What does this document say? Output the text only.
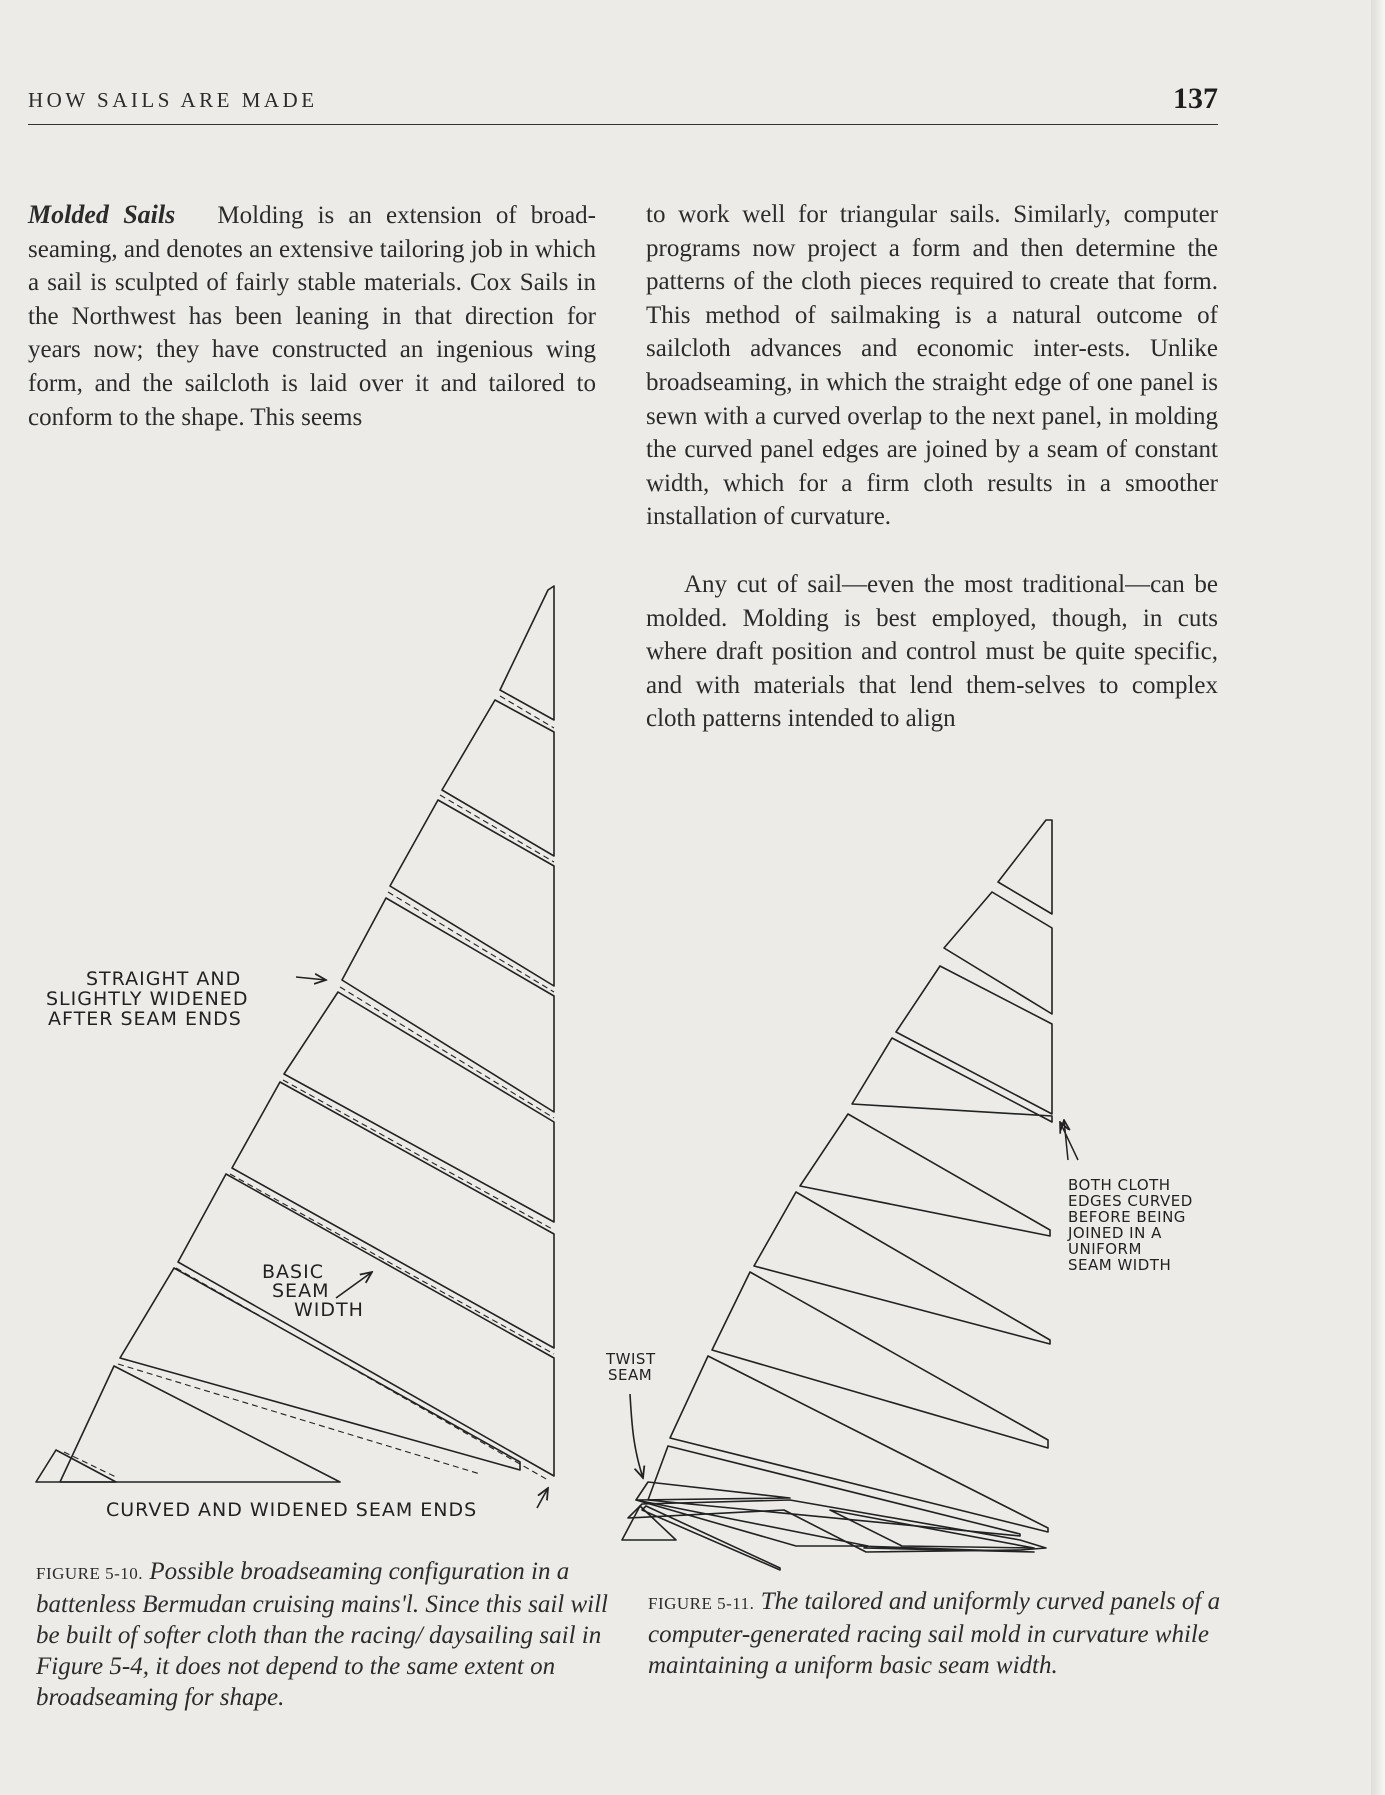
HOW SAILS ARE MADE	137

Molded Sails Molding is an extension of broad-seaming, and denotes an extensive tailoring job in which a sail is sculpted of fairly stable materials. Cox Sails in the Northwest has been leaning in that direction for years now; they have constructed an ingenious wing form, and the sailcloth is laid over it and tailored to conform to the shape. This seems

to work well for triangular sails. Similarly, computer programs now project a form and then determine the patterns of the cloth pieces required to create that form. This method of sailmaking is a natural outcome of sailcloth advances and economic inter-ests. Unlike broadseaming, in which the straight edge of one panel is sewn with a curved overlap to the next panel, in molding the curved panel edges are joined by a seam of constant width, which for a firm cloth results in a smoother installation of curvature.

Any cut of sail—even the most traditional—can be molded. Molding is best employed, though, in cuts where draft position and control must be quite specific, and with materials that lend them-selves to complex cloth patterns intended to align

STRAIGHT AND
SLIGHTLY WIDENED
AFTER SEAM ENDS
BASIC
SEAM
WIDTH
CURVED AND WIDENED SEAM ENDS
BOTH CLOTH
EDGES CURVED
BEFORE BEING
JOINED IN A
UNIFORM
SEAM WIDTH
TWIST
SEAM

FIGURE 5-10. Possible broadseaming configuration in a battenless Bermudan cruising mains'l. Since this sail will be built of softer cloth than the racing/ daysailing sail in Figure 5-4, it does not depend to the same extent on broadseaming for shape.

FIGURE 5-11. The tailored and uniformly curved panels of a computer-generated racing sail mold in curvature while maintaining a uniform basic seam width.
